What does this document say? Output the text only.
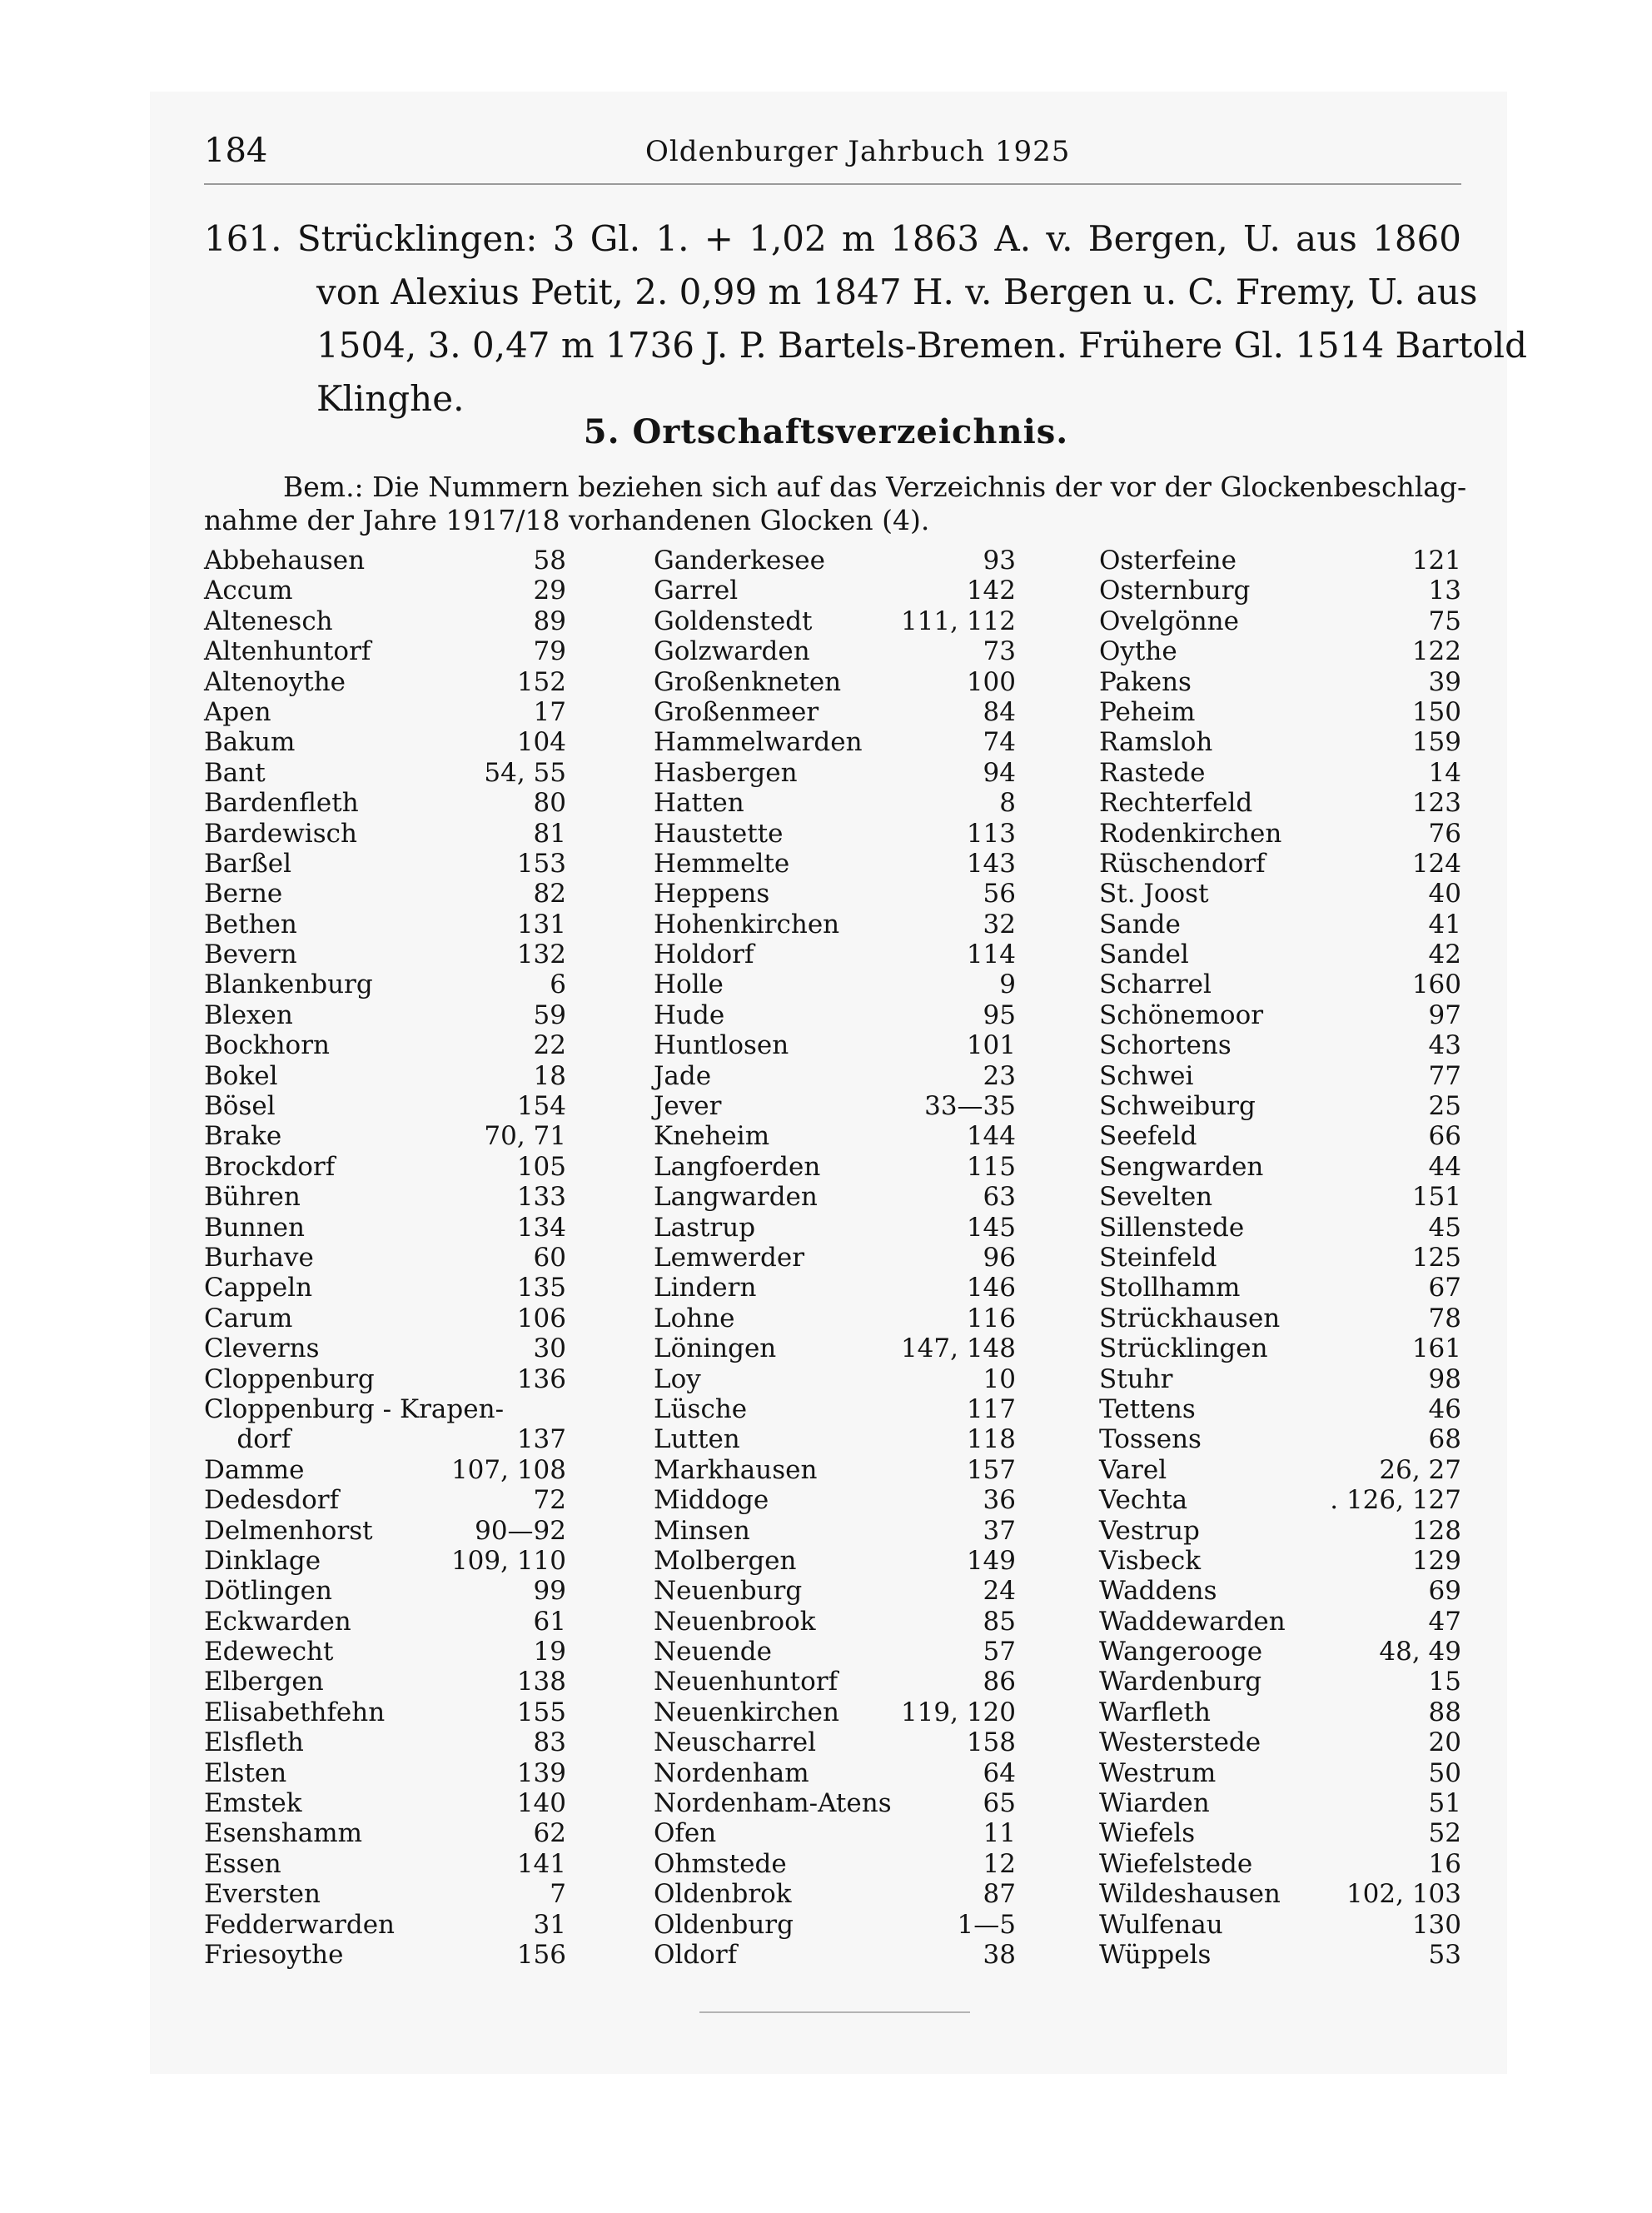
184	Oldenburger Jahrbuch 1925
161. Strücklingen: 3 Gl. 1. + 1,02 m 1863 A. v. Bergen, U. aus 1860
von Alexius Petit, 2. 0,99 m 1847 H. v. Bergen u. C. Fremy, U. aus
1504, 3. 0,47 m 1736 J. P. Bartels-Bremen. Frühere Gl. 1514 Bartold
Klinghe.
5. Ortschaftsverzeichnis.
Bem.: Die Nummern beziehen sich auf das Verzeichnis der vor der Glockenbeschlag-
nahme der Jahre 1917/18 vorhandenen Glocken (4).
Abbehausen	58
Accum	29
Altenesch	89
Altenhuntorf	79
Altenoythe	152
Apen	17
Bakum	104
Bant	54, 55
Bardenfleth	80
Bardewisch	81
Barßel	153
Berne	82
Bethen	131
Bevern	132
Blankenburg	6
Blexen	59
Bockhorn	22
Bokel	18
Bösel	154
Brake	70, 71
Brockdorf	105
Bühren	133
Bunnen	134
Burhave	60
Cappeln	135
Carum	106
Cleverns	30
Cloppenburg	136
Cloppenburg - Krapen-
dorf	137
Damme	107, 108
Dedesdorf	72
Delmenhorst	90—92
Dinklage	109, 110
Dötlingen	99
Eckwarden	61
Edewecht	19
Elbergen	138
Elisabethfehn	155
Elsfleth	83
Elsten	139
Emstek	140
Esenshamm	62
Essen	141
Eversten	7
Fedderwarden	31
Friesoythe	156
Ganderkesee	93
Garrel	142
Goldenstedt	111, 112
Golzwarden	73
Großenkneten	100
Großenmeer	84
Hammelwarden	74
Hasbergen	94
Hatten	8
Haustette	113
Hemmelte	143
Heppens	56
Hohenkirchen	32
Holdorf	114
Holle	9
Hude	95
Huntlosen	101
Jade	23
Jever	33—35
Kneheim	144
Langfoerden	115
Langwarden	63
Lastrup	145
Lemwerder	96
Lindern	146
Lohne	116
Löningen	147, 148
Loy	10
Lüsche	117
Lutten	118
Markhausen	157
Middoge	36
Minsen	37
Molbergen	149
Neuenburg	24
Neuenbrook	85
Neuende	57
Neuenhuntorf	86
Neuenkirchen 119, 120
Neuscharrel	158
Nordenham	64
Nordenham-Atens	65
Ofen	11
Ohmstede	12
Oldenbrok	87
Oldenburg	1—5
Oldorf	38
Osterfeine	121
Osternburg	13
Ovelgönne	75
Oythe	122
Pakens	39
Peheim	150
Ramsloh	159
Rastede	14
Rechterfeld	123
Rodenkirchen	76
Rüschendorf	124
St. Joost	40
Sande	41
Sandel	42
Scharrel	160
Schönemoor	97
Schortens	43
Schwei	77
Schweiburg	25
Seefeld	66
Sengwarden	44
Sevelten	151
Sillenstede	45
Steinfeld	125
Stollhamm	67
Strückhausen	78
Strücklingen	161
Stuhr	98
Tettens	46
Tossens	68
Varel	26, 27
Vechta	. 126, 127
Vestrup	128
Visbeck	129
Waddens	69
Waddewarden	47
Wangerooge	48, 49
Wardenburg	15
Warfleth	88
Westerstede	20
Westrum	50
Wiarden	51
Wiefels	52
Wiefelstede	16
Wildeshausen	102, 103
Wulfenau	130
Wüppels	53
